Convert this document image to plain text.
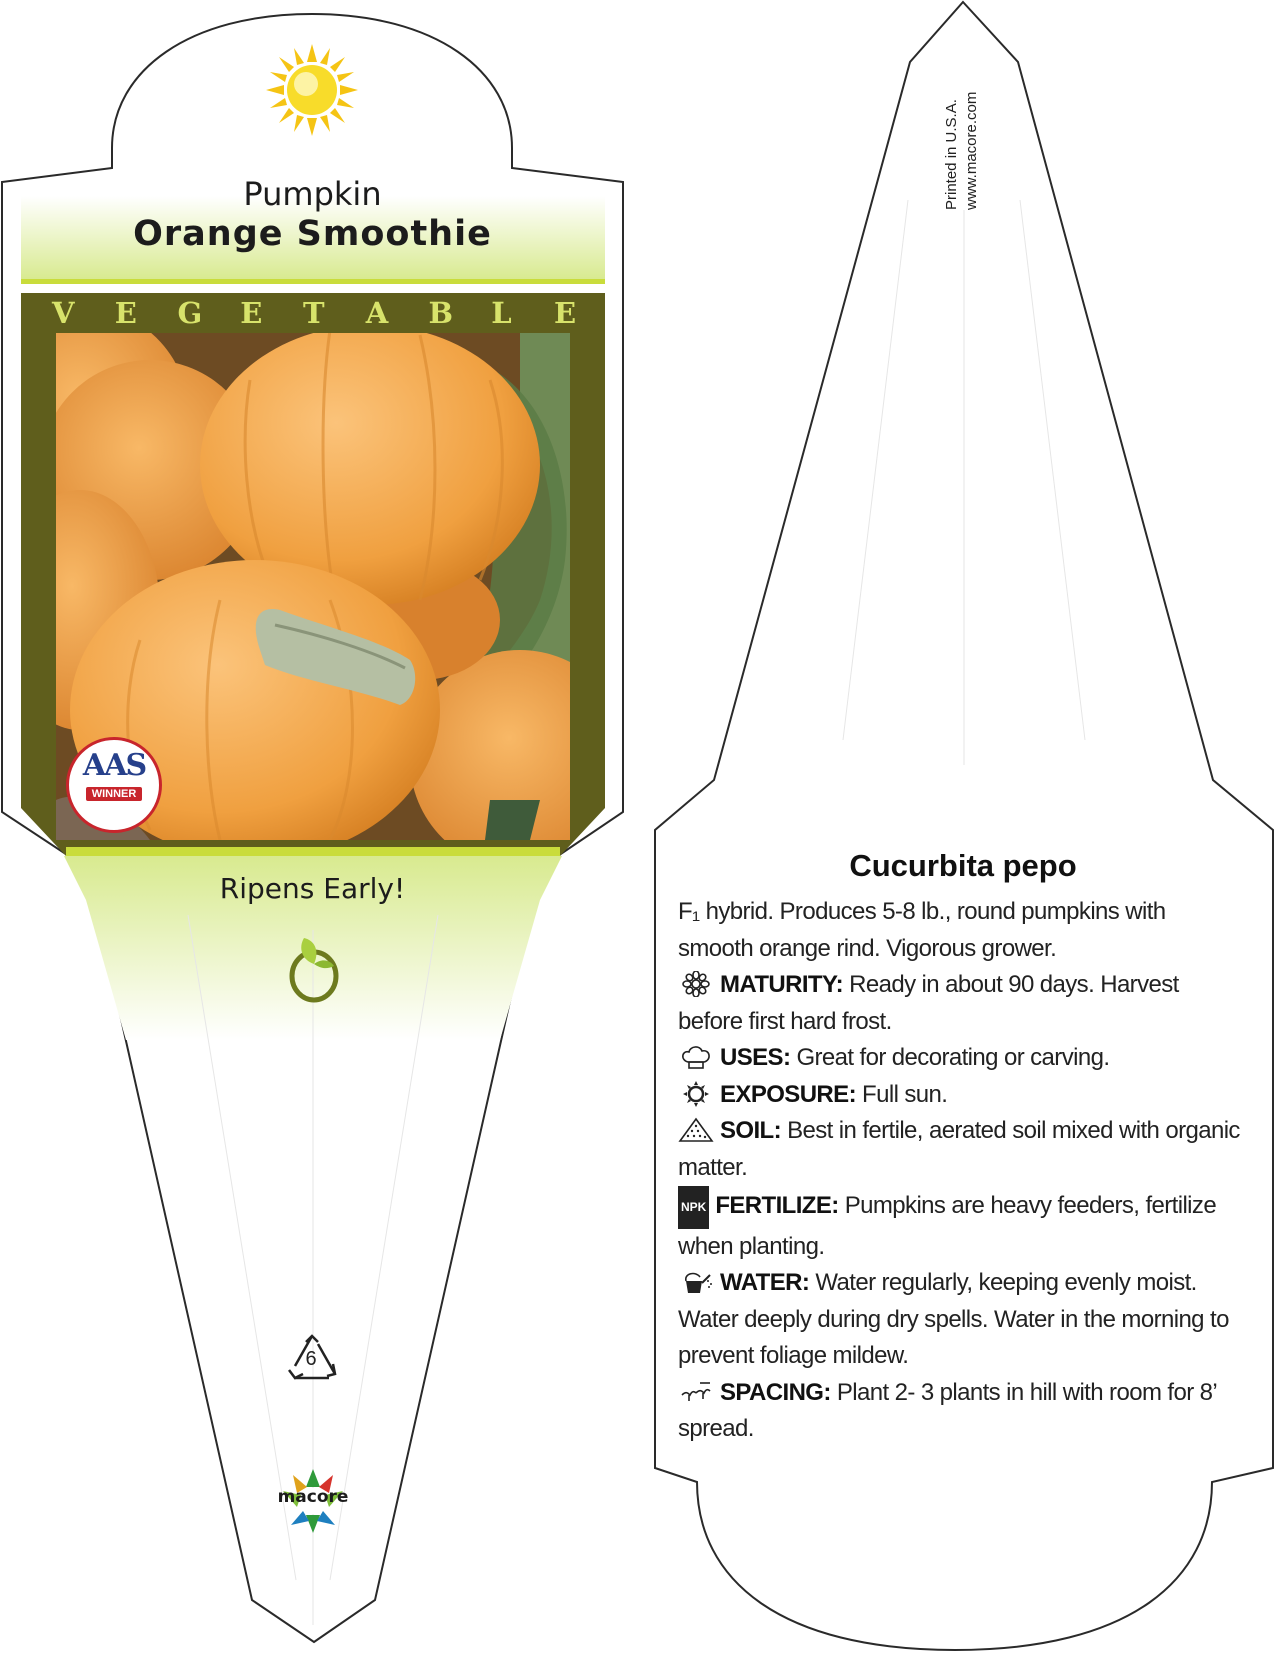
Pumpkin
Orange Smoothie
V E G E T A B L E
AAS
WINNER
Ripens Early!
6
macore
Printed in U.S.A. www.macore.com
Cucurbita pepo

F₁ hybrid. Produces 5-8 lb., round pumpkins with smooth orange rind. Vigorous grower.

MATURITY: Ready in about 90 days. Harvest before first hard frost.

USES: Great for decorating or carving.

EXPOSURE: Full sun.

SOIL: Best in fertile, aerated soil mixed with organic matter.

NPK FERTILIZE: Pumpkins are heavy feeders, fertilize when planting.

WATER: Water regularly, keeping evenly moist. Water deeply during dry spells. Water in the morning to prevent foliage mildew.

SPACING: Plant 2- 3 plants in hill with room for 8’ spread.
